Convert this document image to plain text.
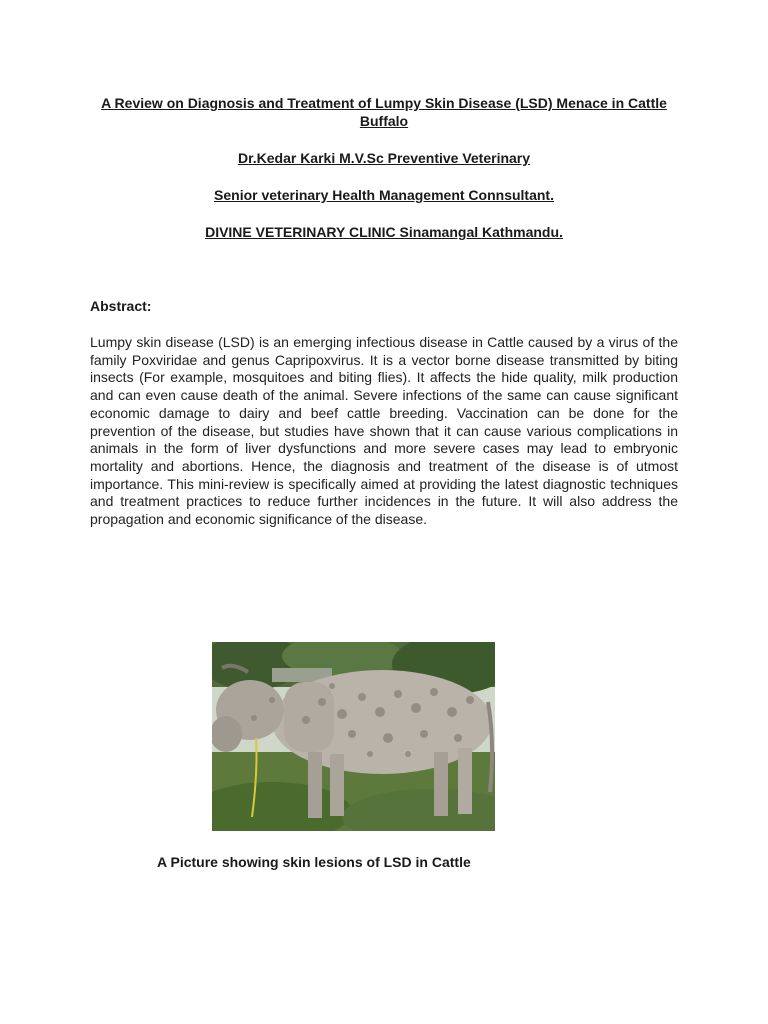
A Review on Diagnosis and Treatment of Lumpy Skin Disease (LSD) Menace in Cattle Buffalo

Dr.Kedar Karki M.V.Sc Preventive Veterinary

Senior veterinary Health Management Connsultant.

DIVINE VETERINARY CLINIC Sinamangal Kathmandu.

Abstract:

Lumpy skin disease (LSD) is an emerging infectious disease in Cattle caused by a virus of the family Poxviridae and genus Capripoxvirus. It is a vector borne disease transmitted by biting insects (For example, mosquitoes and biting flies). It affects the hide quality, milk production and can even cause death of the animal. Severe infections of the same can cause significant economic damage to dairy and beef cattle breeding. Vaccination can be done for the prevention of the disease, but studies have shown that it can cause various complications in animals in the form of liver dysfunctions and more severe cases may lead to embryonic mortality and abortions. Hence, the diagnosis and treatment of the disease is of utmost importance. This mini-review is specifically aimed at providing the latest diagnostic techniques and treatment practices to reduce further incidences in the future. It will also address the propagation and economic significance of the disease.

A Picture showing skin lesions of LSD in Cattle
